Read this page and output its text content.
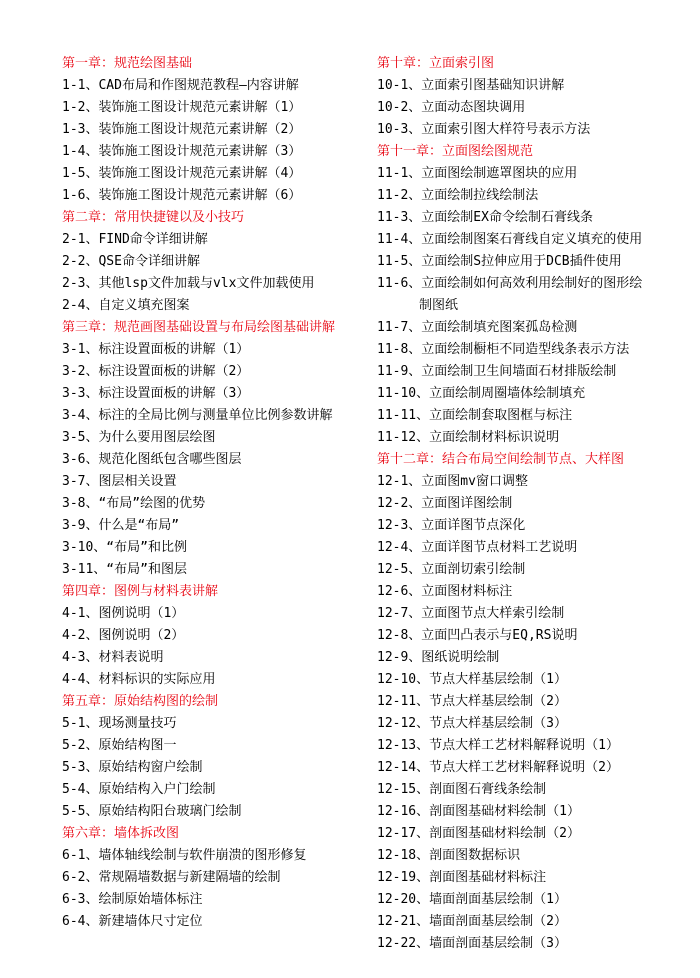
第一章：规范绘图基础
1-1、CAD布局和作图规范教程—内容讲解
1-2、装饰施工图设计规范元素讲解（1）
1-3、装饰施工图设计规范元素讲解（2）
1-4、装饰施工图设计规范元素讲解（3）
1-5、装饰施工图设计规范元素讲解（4）
1-6、装饰施工图设计规范元素讲解（6）
第二章：常用快捷键以及小技巧
2-1、FIND命令详细讲解
2-2、QSE命令详细讲解
2-3、其他lsp文件加载与vlx文件加载使用
2-4、自定义填充图案
第三章：规范画图基础设置与布局绘图基础讲解
3-1、标注设置面板的讲解（1）
3-2、标注设置面板的讲解（2）
3-3、标注设置面板的讲解（3）
3-4、标注的全局比例与测量单位比例参数讲解
3-5、为什么要用图层绘图
3-6、规范化图纸包含哪些图层
3-7、图层相关设置
3-8、“布局”绘图的优势
3-9、什么是“布局”
3-10、“布局”和比例
3-11、“布局”和图层
第四章：图例与材料表讲解
4-1、图例说明（1）
4-2、图例说明（2）
4-3、材料表说明
4-4、材料标识的实际应用
第五章：原始结构图的绘制
5-1、现场测量技巧
5-2、原始结构图一
5-3、原始结构窗户绘制
5-4、原始结构入户门绘制
5-5、原始结构阳台玻璃门绘制
第六章：墙体拆改图
6-1、墙体轴线绘制与软件崩溃的图形修复
6-2、常规隔墙数据与新建隔墙的绘制
6-3、绘制原始墙体标注
6-4、新建墙体尺寸定位
第十章：立面索引图
10-1、立面索引图基础知识讲解
10-2、立面动态图块调用
10-3、立面索引图大样符号表示方法
第十一章：立面图绘图规范
11-1、立面图绘制遮罩图块的应用
11-2、立面绘制拉线绘制法
11-3、立面绘制EX命令绘制石膏线条
11-4、立面绘制图案石膏线自定义填充的使用
11-5、立面绘制S拉伸应用于DCB插件使用
11-6、立面绘制如何高效利用绘制好的图形绘制图纸
11-7、立面绘制填充图案孤岛检测
11-8、立面绘制橱柜不同造型线条表示方法
11-9、立面绘制卫生间墙面石材排版绘制
11-10、立面绘制周圈墙体绘制填充
11-11、立面绘制套取图框与标注
11-12、立面绘制材料标识说明
第十二章：结合布局空间绘制节点、大样图
12-1、立面图mv窗口调整
12-2、立面图详图绘制
12-3、立面详图节点深化
12-4、立面详图节点材料工艺说明
12-5、立面剖切索引绘制
12-6、立面图材料标注
12-7、立面图节点大样索引绘制
12-8、立面凹凸表示与EQ,RS说明
12-9、图纸说明绘制
12-10、节点大样基层绘制（1）
12-11、节点大样基层绘制（2）
12-12、节点大样基层绘制（3）
12-13、节点大样工艺材料解释说明（1）
12-14、节点大样工艺材料解释说明（2）
12-15、剖面图石膏线条绘制
12-16、剖面图基础材料绘制（1）
12-17、剖面图基础材料绘制（2）
12-18、剖面图数据标识
12-19、剖面图基础材料标注
12-20、墙面剖面基层绘制（1）
12-21、墙面剖面基层绘制（2）
12-22、墙面剖面基层绘制（3）
